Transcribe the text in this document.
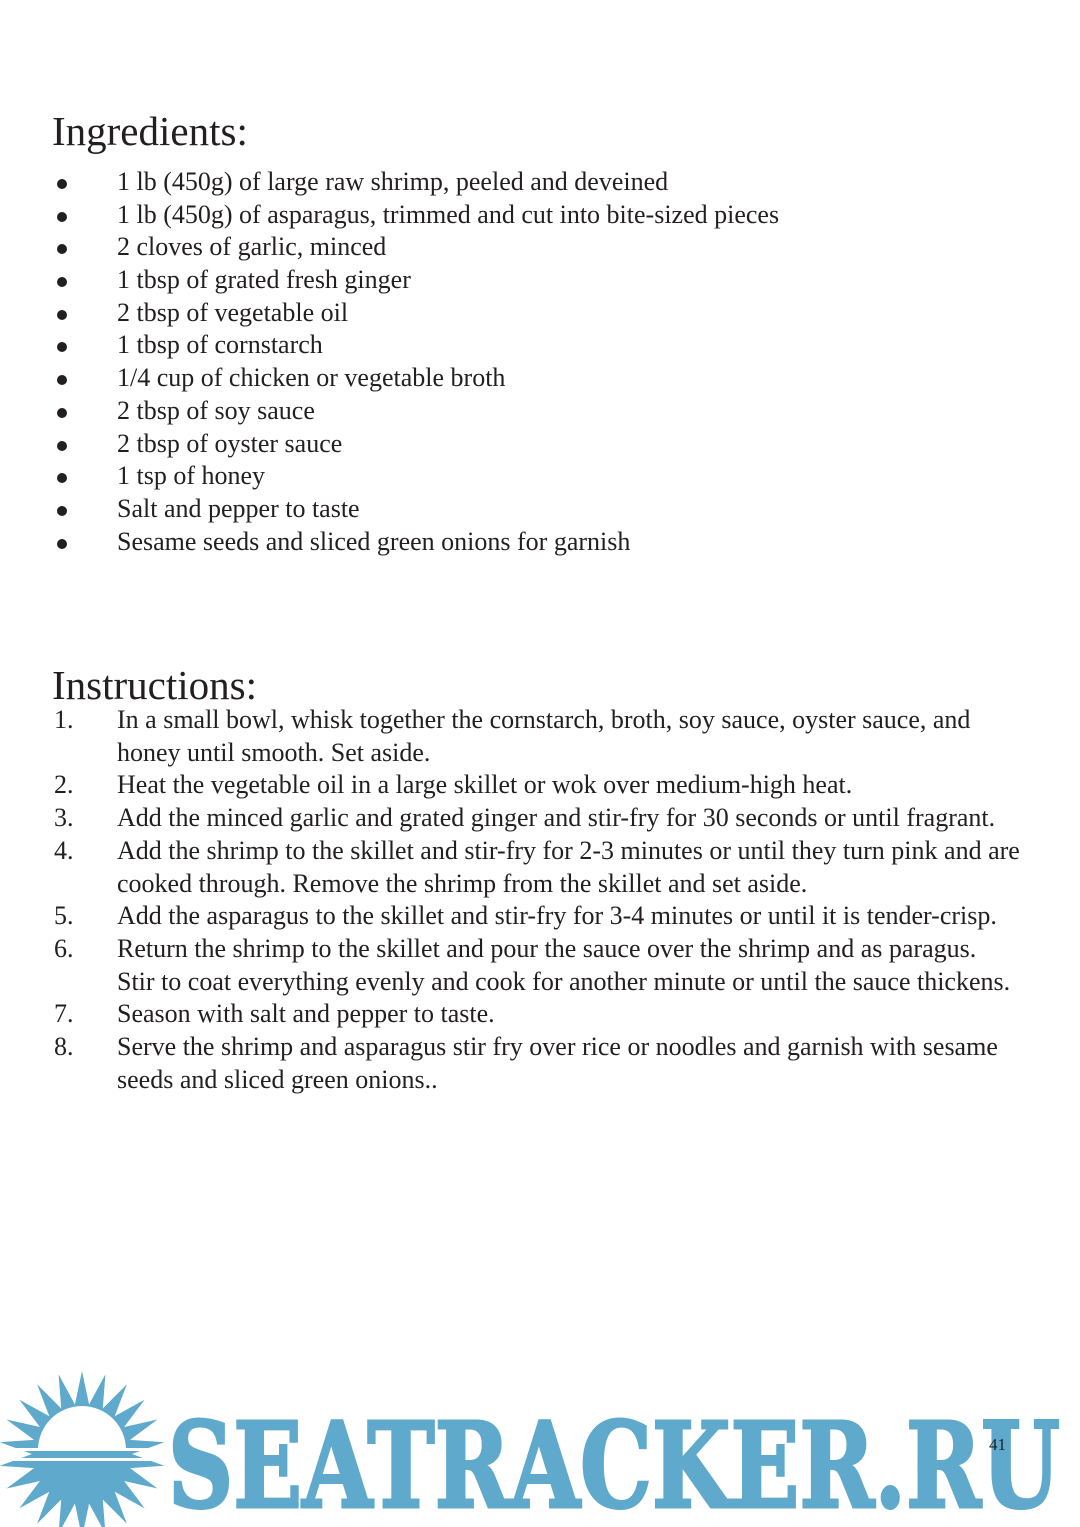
Ingredients:
1 lb (450g) of large raw shrimp, peeled and deveined
1 lb (450g) of asparagus, trimmed and cut into bite-sized pieces
2 cloves of garlic, minced
1 tbsp of grated fresh ginger
2 tbsp of vegetable oil
1 tbsp of cornstarch
1/4 cup of chicken or vegetable broth
2 tbsp of soy sauce
2 tbsp of oyster sauce
1 tsp of honey
Salt and pepper to taste
Sesame seeds and sliced green onions for garnish
Instructions:
1. In a small bowl, whisk together the cornstarch, broth, soy sauce, oyster sauce, and honey until smooth. Set aside.
2. Heat the vegetable oil in a large skillet or wok over medium-high heat.
3. Add the minced garlic and grated ginger and stir-fry for 30 seconds or until fragrant.
4. Add the shrimp to the skillet and stir-fry for 2-3 minutes or until they turn pink and are cooked through. Remove the shrimp from the skillet and set aside.
5. Add the asparagus to the skillet and stir-fry for 3-4 minutes or until it is tender-crisp.
6. Return the shrimp to the skillet and pour the sauce over the shrimp and as paragus. Stir to coat everything evenly and cook for another minute or until the sauce thickens.
7. Season with salt and pepper to taste.
8. Serve the shrimp and asparagus stir fry over rice or noodles and garnish with sesame seeds and sliced green onions..
SEATRACKER.RU
41
